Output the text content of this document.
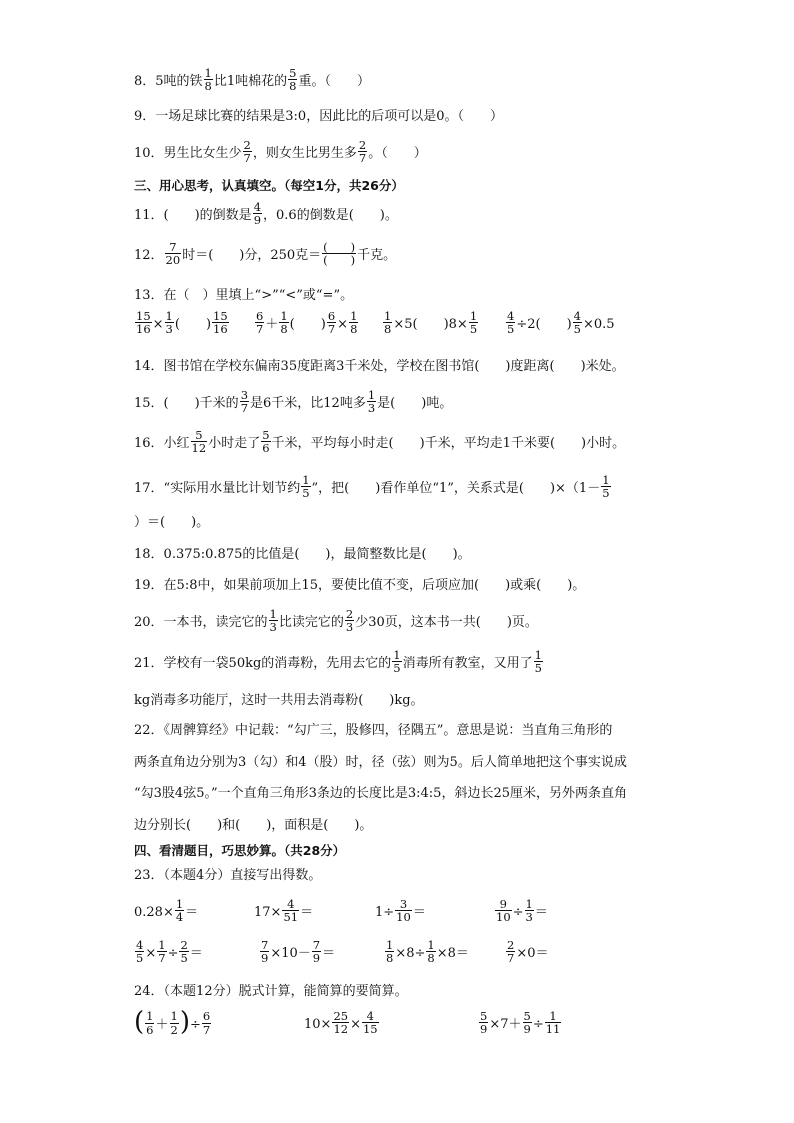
8．5吨的铁 $\frac{1}{8}$ 比1吨棉花的 $\frac{5}{8}$ 重。（　　）
9．一场足球比赛的结果是3:0，因此比的后项可以是0。（　　）
10．男生比女生少 $\frac{2}{7}$ ，则女生比男生多 $\frac{2}{7}$ 。（　　）
三、用心思考，认真填空。（每空1分，共26分）
11．(　　)的倒数是 $\frac{4}{9}$ ，0.6的倒数是(　　)。
12． $\frac{7}{20}$ 时＝(　　)分，250克＝ $\frac{( )}{( )}$ 千克。
13．在（　）里填上“>”“<”或“=”。
$\frac{15}{16} \times \frac{1}{3}$ (　　) $\frac{15}{16} \frac{6}{7} + \frac{1}{8}$ (　　) $\frac{6}{7} \times \frac{1}{8} \frac{1}{8} \times 5$(　　)$8\times \frac{1}{5} \frac{4}{5} \div 2$(　　) $\frac{4}{5} \times 0.5$
14．图书馆在学校东偏南35度距离3千米处，学校在图书馆(　　)度距离(　　)米处。
15．(　　)千米的 $\frac{3}{7}$ 是6千米，比12吨多 $\frac{1}{3}$ 是(　　)吨。
16．小红 $\frac{5}{12}$ 小时走了 $\frac{5}{6}$ 千米，平均每小时走(　　)千米，平均走1千米要(　　)小时。
17．“实际用水量比计划节约 $\frac{1}{5}$ ”，把(　　)看作单位“1”，关系式是(　　)$\times(1- \frac{1}{5}$
）＝(　　)。
18．0.375:0.875的比值是(　　)，最简整数比是(　　)。
19．在5:8中，如果前项加上15，要使比值不变，后项应加(　　)或乘(　　)。
20．一本书，读完它的 $\frac{1}{3}$ 比读完它的 $\frac{2}{3}$ 少30页，这本书一共(　　)页。
21．学校有一袋50kg的消毒粉，先用去它的 $\frac{1}{5}$ 消毒所有教室，又用了 $\frac{1}{5}$
kg消毒多功能厅，这时一共用去消毒粉(　　)kg。
22．《周髀算经》中记载：“勾广三，股修四，径隅五”。意思是说：当直角三角形的
两条直角边分别为3（勾）和4（股）时，径（弦）则为5。后人简单地把这个事实说成
“勾3股4弦5。”一个直角三角形3条边的长度比是3:4:5，斜边长25厘米，另外两条直角
边分别长(　　)和(　　)，面积是(　　)。
四、看清题目，巧思妙算。（共28分）
23．（本题4分）直接写出得数。
$0.28\times \frac{1}{4}$ ＝	$17\times \frac{4}{51}$ ＝	$1\div \frac{3}{10}$ ＝	$\frac{9}{10} \div \frac{1}{3}$ ＝
$\frac{4}{5} \times \frac{1}{7} \div \frac{2}{5}$ ＝	$\frac{7}{9} \times 10- \frac{7}{9}$ ＝	$\frac{1}{8} \times 8\div \frac{1}{8} \times 8=$	$\frac{2}{7} \times 0=$
24．（本题12分）脱式计算，能简算的要简算。
( $\frac{1}{6} + \frac{1}{2}$ )÷ $\frac{6}{7}$	$10\times \frac{25}{12} \times \frac{4}{15}$	$\frac{5}{9} \times 7+ \frac{5}{9} \div \frac{1}{11}$
